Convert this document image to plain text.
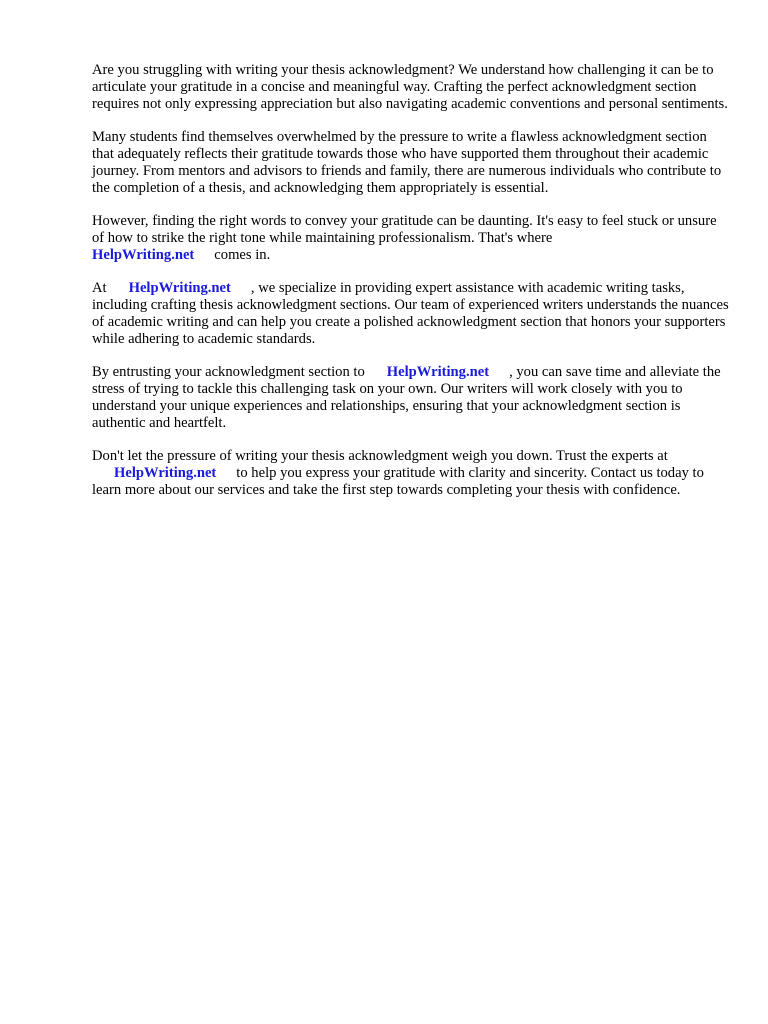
Are you struggling with writing your thesis acknowledgment? We understand how challenging it can be to articulate your gratitude in a concise and meaningful way. Crafting the perfect acknowledgment section requires not only expressing appreciation but also navigating academic conventions and personal sentiments.

Many students find themselves overwhelmed by the pressure to write a flawless acknowledgment section that adequately reflects their gratitude towards those who have supported them throughout their academic journey. From mentors and advisors to friends and family, there are numerous individuals who contribute to the completion of a thesis, and acknowledging them appropriately is essential.

However, finding the right words to convey your gratitude can be daunting. It's easy to feel stuck or unsure of how to strike the right tone while maintaining professionalism. That's where
HelpWriting.net comes in.

At HelpWriting.net , we specialize in providing expert assistance with academic writing tasks, including crafting thesis acknowledgment sections. Our team of experienced writers understands the nuances of academic writing and can help you create a polished acknowledgment section that honors your supporters while adhering to academic standards.

By entrusting your acknowledgment section to HelpWriting.net , you can save time and alleviate the stress of trying to tackle this challenging task on your own. Our writers will work closely with you to understand your unique experiences and relationships, ensuring that your acknowledgment section is authentic and heartfelt.

Don't let the pressure of writing your thesis acknowledgment weigh you down. Trust the experts at
HelpWriting.net to help you express your gratitude with clarity and sincerity. Contact us today to learn more about our services and take the first step towards completing your thesis with confidence.
